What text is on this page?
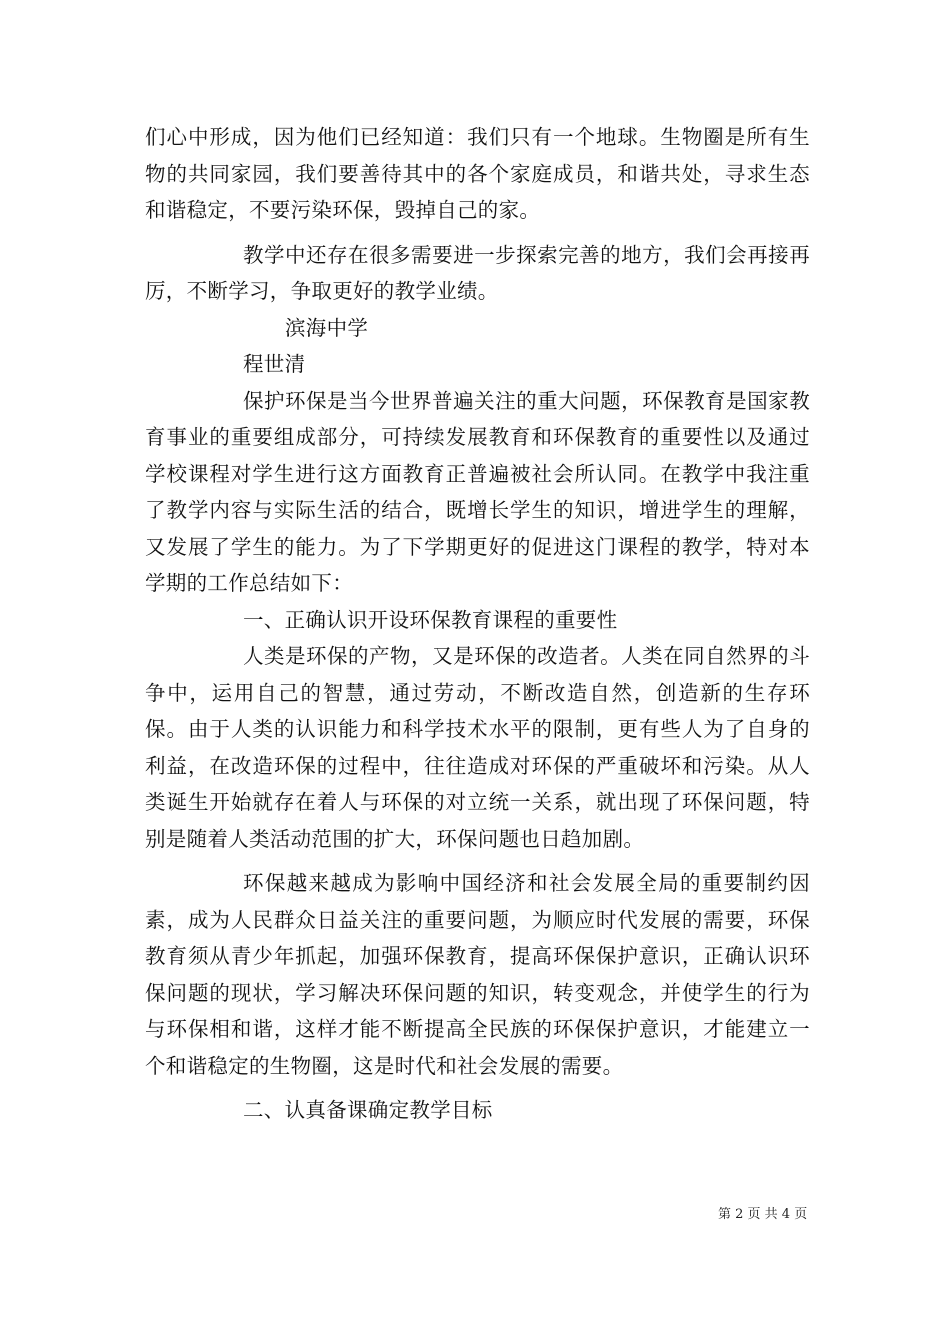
们心中形成，因为他们已经知道：我们只有一个地球。生物圈是所有生物的共同家园，我们要善待其中的各个家庭成员，和谐共处，寻求生态和谐稳定，不要污染环保，毁掉自己的家。

教学中还存在很多需要进一步探索完善的地方，我们会再接再厉，不断学习，争取更好的教学业绩。

滨海中学

程世清

保护环保是当今世界普遍关注的重大问题，环保教育是国家教育事业的重要组成部分，可持续发展教育和环保教育的重要性以及通过学校课程对学生进行这方面教育正普遍被社会所认同。在教学中我注重了教学内容与实际生活的结合，既增长学生的知识，增进学生的理解，又发展了学生的能力。为了下学期更好的促进这门课程的教学，特对本学期的工作总结如下：

一、正确认识开设环保教育课程的重要性

人类是环保的产物，又是环保的改造者。人类在同自然界的斗争中，运用自己的智慧，通过劳动，不断改造自然，创造新的生存环保。由于人类的认识能力和科学技术水平的限制，更有些人为了自身的利益，在改造环保的过程中，往往造成对环保的严重破坏和污染。从人类诞生开始就存在着人与环保的对立统一关系，就出现了环保问题，特别是随着人类活动范围的扩大，环保问题也日趋加剧。

环保越来越成为影响中国经济和社会发展全局的重要制约因素，成为人民群众日益关注的重要问题，为顺应时代发展的需要，环保教育须从青少年抓起，加强环保教育，提高环保保护意识，正确认识环保问题的现状，学习解决环保问题的知识，转变观念，并使学生的行为与环保相和谐，这样才能不断提高全民族的环保保护意识，才能建立一个和谐稳定的生物圈，这是时代和社会发展的需要。

二、认真备课确定教学目标

第 2 页 共 4 页
